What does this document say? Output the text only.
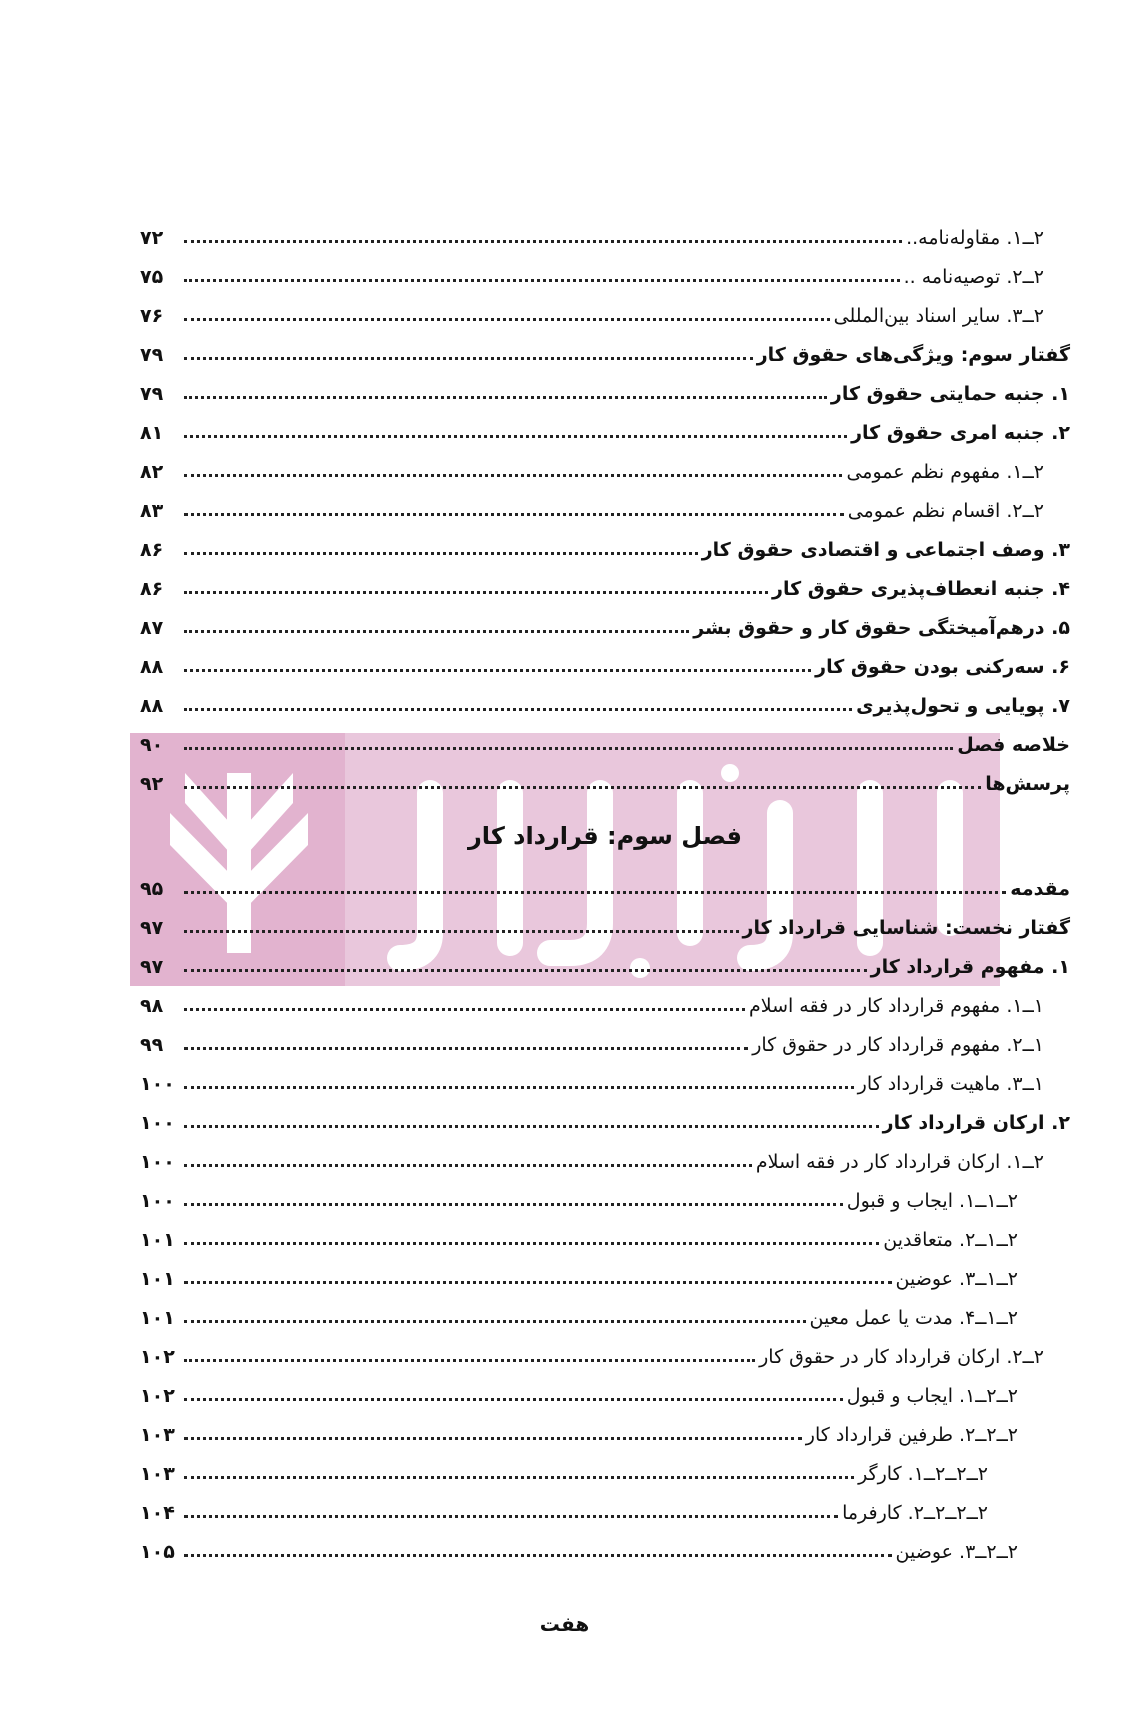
۲ــ۱. مقاوله‌نامه..
۷۲
۲ــ۲. توصیه‌نامه ..
۷۵
۲ــ۳. سایر اسناد بین‌المللی
۷۶
گفتار سوم: ویژگی‌های حقوق کار
۷۹
۱. جنبه حمایتی حقوق کار
۷۹
۲. جنبه امری حقوق کار
۸۱
۲ــ۱. مفهوم نظم عمومی
۸۲
۲ــ۲. اقسام نظم عمومی
۸۳
۳. وصف اجتماعی و اقتصادی حقوق کار
۸۶
۴. جنبه انعطاف‌پذیری حقوق کار
۸۶
۵. درهم‌آمیختگی حقوق کار و حقوق بشر
۸۷
۶. سه‌رکنی بودن حقوق کار
۸۸
۷. پویایی و تحول‌پذیری
۸۸
خلاصه فصل
۹۰
پرسش‌ها
۹۲
فصل سوم: قرارداد کار
مقدمه
۹۵
گفتار نخست: شناسایی قرارداد کار
۹۷
۱. مفهوم قرارداد کار
۹۷
۱ــ۱. مفهوم قرارداد کار در فقه اسلام
۹۸
۱ــ۲. مفهوم قرارداد کار در حقوق کار
۹۹
۱ــ۳. ماهیت قرارداد کار
۱۰۰
۲. ارکان قرارداد کار
۱۰۰
۲ــ۱. ارکان قرارداد کار در فقه اسلام
۱۰۰
۲ــ۱ــ۱. ایجاب و قبول
۱۰۰
۲ــ۱ــ۲. متعاقدین
۱۰۱
۲ــ۱ــ۳. عوضین
۱۰۱
۲ــ۱ــ۴. مدت یا عمل معین
۱۰۱
۲ــ۲. ارکان قرارداد کار در حقوق کار
۱۰۲
۲ــ۲ــ۱. ایجاب و قبول
۱۰۲
۲ــ۲ــ۲. طرفین قرارداد کار
۱۰۳
۲ــ۲ــ۲ــ۱. کارگر
۱۰۳
۲ــ۲ــ۲ــ۲. کارفرما
۱۰۴
۲ــ۲ــ۳. عوضین
۱۰۵
هفت
